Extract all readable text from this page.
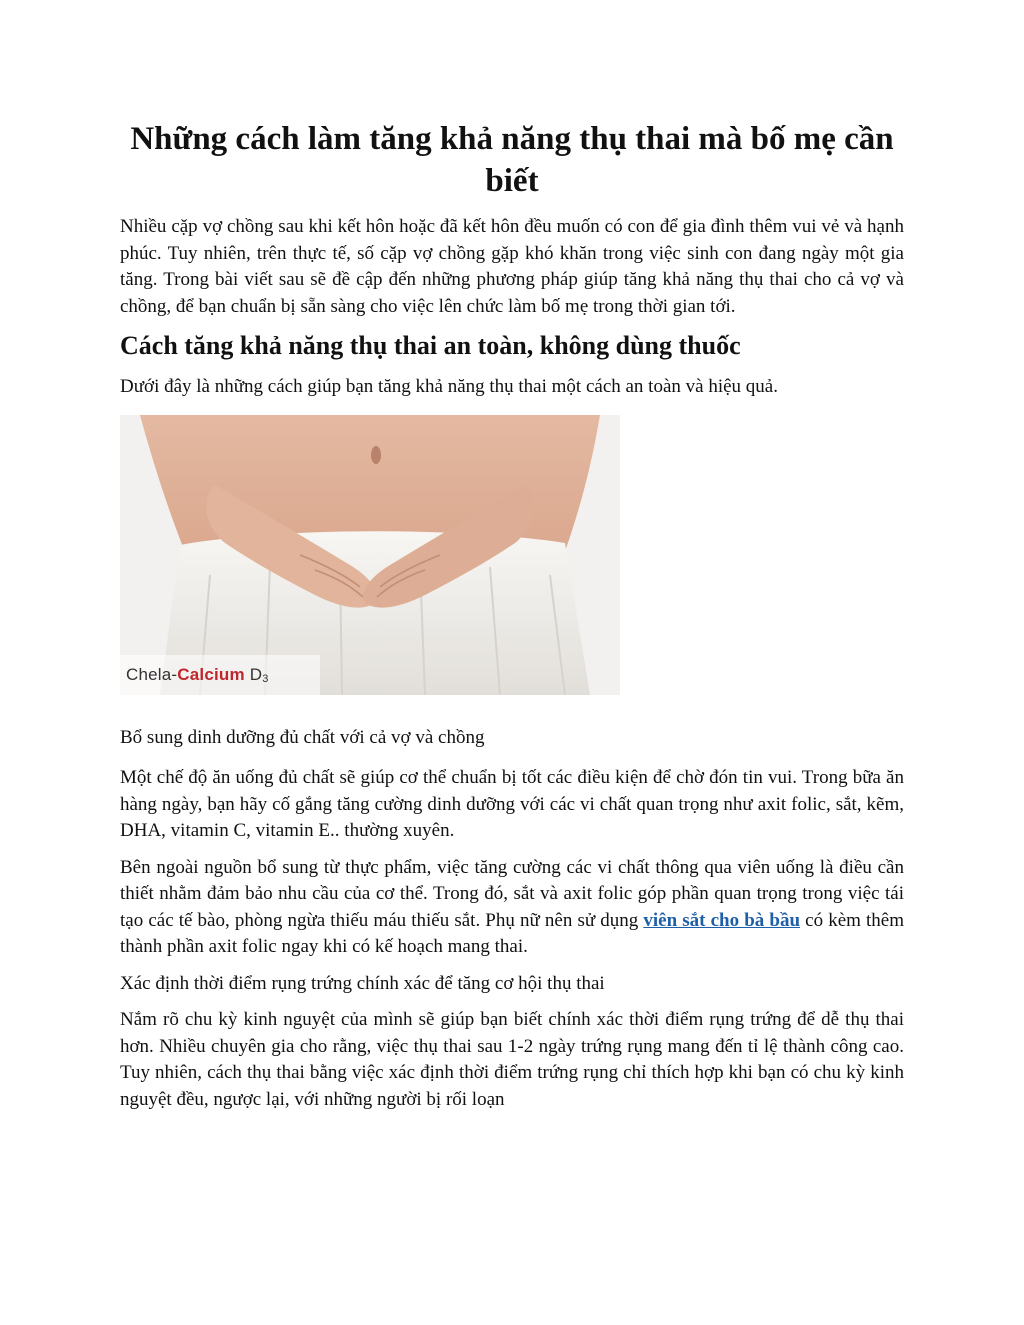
Những cách làm tăng khả năng thụ thai mà bố mẹ cần biết

Nhiều cặp vợ chồng sau khi kết hôn hoặc đã kết hôn đều muốn có con để gia đình thêm vui vẻ và hạnh phúc. Tuy nhiên, trên thực tế, số cặp vợ chồng gặp khó khăn trong việc sinh con đang ngày một gia tăng. Trong bài viết sau sẽ đề cập đến những phương pháp giúp tăng khả năng thụ thai cho cả vợ và chồng, để bạn chuẩn bị sẵn sàng cho việc lên chức làm bố mẹ trong thời gian tới.

Cách tăng khả năng thụ thai an toàn, không dùng thuốc

Dưới đây là những cách giúp bạn tăng khả năng thụ thai một cách an toàn và hiệu quả.

Chela-Calcium D3

Bổ sung dinh dưỡng đủ chất với cả vợ và chồng

Một chế độ ăn uống đủ chất sẽ giúp cơ thể chuẩn bị tốt các điều kiện để chờ đón tin vui. Trong bữa ăn hàng ngày, bạn hãy cố gắng tăng cường dinh dưỡng với các vi chất quan trọng như axit folic, sắt, kẽm, DHA, vitamin C, vitamin E.. thường xuyên.

Bên ngoài nguồn bổ sung từ thực phẩm, việc tăng cường các vi chất thông qua viên uống là điều cần thiết nhằm đảm bảo nhu cầu của cơ thể. Trong đó, sắt và axit folic góp phần quan trọng trong việc tái tạo các tế bào, phòng ngừa thiếu máu thiếu sắt. Phụ nữ nên sử dụng viên sắt cho bà bầu có kèm thêm thành phần axit folic ngay khi có kế hoạch mang thai.

Xác định thời điểm rụng trứng chính xác để tăng cơ hội thụ thai

Nắm rõ chu kỳ kinh nguyệt của mình sẽ giúp bạn biết chính xác thời điểm rụng trứng để dễ thụ thai hơn. Nhiều chuyên gia cho rằng, việc thụ thai sau 1-2 ngày trứng rụng mang đến tỉ lệ thành công cao. Tuy nhiên, cách thụ thai bằng việc xác định thời điểm trứng rụng chỉ thích hợp khi bạn có chu kỳ kinh nguyệt đều, ngược lại, với những người bị rối loạn
